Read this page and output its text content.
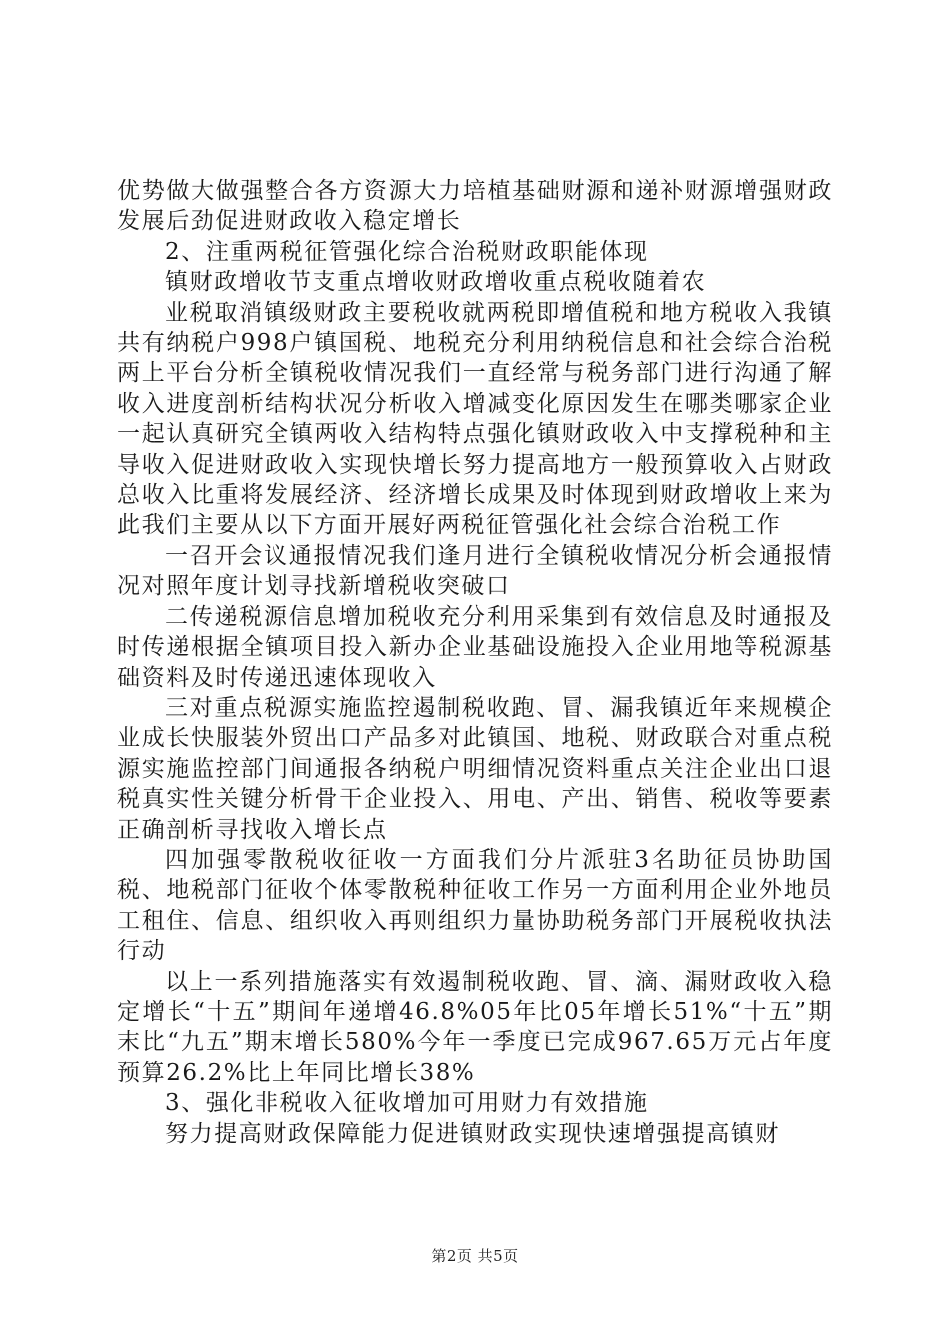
优势做大做强整合各方资源大力培植基础财源和递补财源增强财政发展后劲促进财政收入稳定增长

2、注重两税征管强化综合治税财政职能体现

镇财政增收节支重点增收财政增收重点税收随着农

业税取消镇级财政主要税收就两税即增值税和地方税收入我镇共有纳税户998户镇国税、地税充分利用纳税信息和社会综合治税两上平台分析全镇税收情况我们一直经常与税务部门进行沟通了解收入进度剖析结构状况分析收入增减变化原因发生在哪类哪家企业一起认真研究全镇两收入结构特点强化镇财政收入中支撑税种和主导收入促进财政收入实现快增长努力提高地方一般预算收入占财政总收入比重将发展经济、经济增长成果及时体现到财政增收上来为此我们主要从以下方面开展好两税征管强化社会综合治税工作

一召开会议通报情况我们逢月进行全镇税收情况分析会通报情况对照年度计划寻找新增税收突破口

二传递税源信息增加税收充分利用采集到有效信息及时通报及时传递根据全镇项目投入新办企业基础设施投入企业用地等税源基础资料及时传递迅速体现收入

三对重点税源实施监控遏制税收跑、冒、漏我镇近年来规模企业成长快服装外贸出口产品多对此镇国、地税、财政联合对重点税源实施监控部门间通报各纳税户明细情况资料重点关注企业出口退税真实性关键分析骨干企业投入、用电、产出、销售、税收等要素正确剖析寻找收入增长点

四加强零散税收征收一方面我们分片派驻3名助征员协助国税、地税部门征收个体零散税种征收工作另一方面利用企业外地员工租住、信息、组织收入再则组织力量协助税务部门开展税收执法行动

以上一系列措施落实有效遏制税收跑、冒、滴、漏财政收入稳定增长“十五”期间年递增46.8%05年比05年增长51%“十五”期末比“九五”期末增长580%今年一季度已完成967.65万元占年度预算26.2%比上年同比增长38%

3、强化非税收入征收增加可用财力有效措施

努力提高财政保障能力促进镇财政实现快速增强提高镇财

第2页 共5页
